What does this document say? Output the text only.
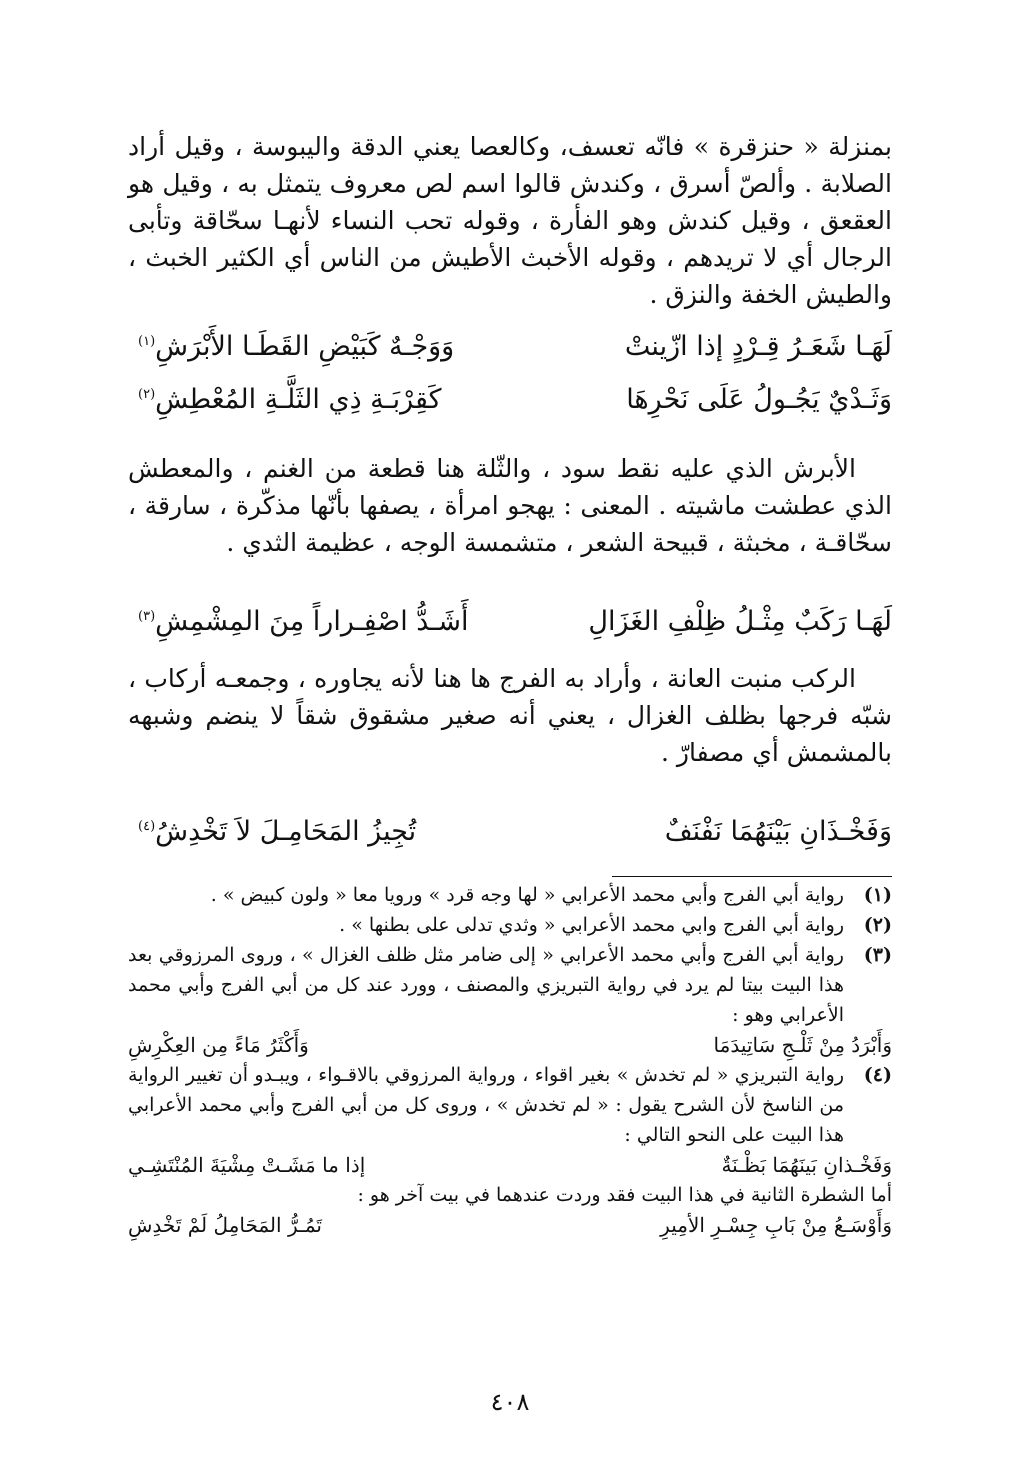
بمنزلة « حنزقرة » فانّه تعسف، وكالعصا يعني الدقة واليبوسة ، وقيل أراد الصلابة . وألصّ أسرق ، وكندش قالوا اسم لص معروف يتمثل به ، وقيل هو العقعق ، وقيل كندش وهو الفأرة ، وقوله تحب النساء لأنهـا سحّاقة وتأبى الرجال أي لا تريدهم ، وقوله الأخبث الأطيش من الناس أي الكثير الخبث ، والطيش الخفة والنزق .

لَهَـا شَعَـرُ قِـرْدٍ إذا ازّينتْ
وَوَجْـهٌ كَبَيْضِ القَطَـا الأَبْرَشِ$^{(١)}$
وَثَـدْيٌ يَجُـولُ عَلَى نَحْرِهَا
كَقِرْبَـةِ ذِي الثَلَّـةِ المُعْطِشِ$^{(٢)}$

الأبرش الذي عليه نقط سود ، والثّلة هنا قطعة من الغنم ، والمعطش الذي عطشت ماشيته . المعنى : يهجو امرأة ، يصفها بأنّها مذكّرة ، سارقة ، سحّاقـة ، مخبثة ، قبيحة الشعر ، متشمسة الوجه ، عظيمة الثدي .

لَهَـا رَكَبٌ مِثْـلُ ظِلْفِ الغَزَالِ
أَشَـدُّ اصْفِـراراً مِنَ المِشْمِشِ$^{(٣)}$

الركب منبت العانة ، وأراد به الفرج ها هنا لأنه يجاوره ، وجمعـه أركاب ، شبّه فرجها بظلف الغزال ، يعني أنه صغير مشقوق شقاً لا ينضم وشبهه بالمشمش أي مصفارّ .

وَفَخْـذَانِ بَيْنَهُمَا نَفْنَفٌ
تُجِيزُ المَحَامِـلَ لاَ تَخْدِشُ$^{(٤)}$
(١)
رواية أبي الفرج وأبي محمد الأعرابي « لها وجه قرد » ورويا معا « ولون كبيض » .
(٢)
رواية أبي الفرج وابي محمد الأعرابي « وثدي تدلى على بطنها » .
(٣)
رواية أبي الفرج وأبي محمد الأعرابي « إلى ضامر مثل ظلف الغزال » ، وروى المرزوقي بعد هذا البيت بيتا لم يرد في رواية التبريزي والمصنف ، وورد عند كل من أبي الفرج وأبي محمد الأعرابي وهو :
وَأَبْرَدُ مِنْ ثَلْـجِ سَاتِيدَمَا
وَأَكْثَرُ مَاءً مِن العِكْرِشِ
(٤)
رواية التبريزي « لم تخدش » بغير اقواء ، ورواية المرزوقي بالاقـواء ، ويبـدو أن تغيير الرواية من الناسخ لأن الشرح يقول : « لم تخدش » ، وروى كل من أبي الفرج وأبي محمد الأعرابي هذا البيت على النحو التالي :
وَفَخْـذانِ بَينَهُمَا بَظْـنَةٌ
إذا ما مَشَـتْ مِشْيَةَ المُنْتَشِـي
أما الشطرة الثانية في هذا البيت فقد وردت عندهما في بيت آخر هو :
وَأَوْسَـعُ مِنْ بَابِ جِسْـرِ الأمِيرِ
تَمُـرُّ المَحَامِلُ لَمْ تَخْدِشِ
٤٠٨
